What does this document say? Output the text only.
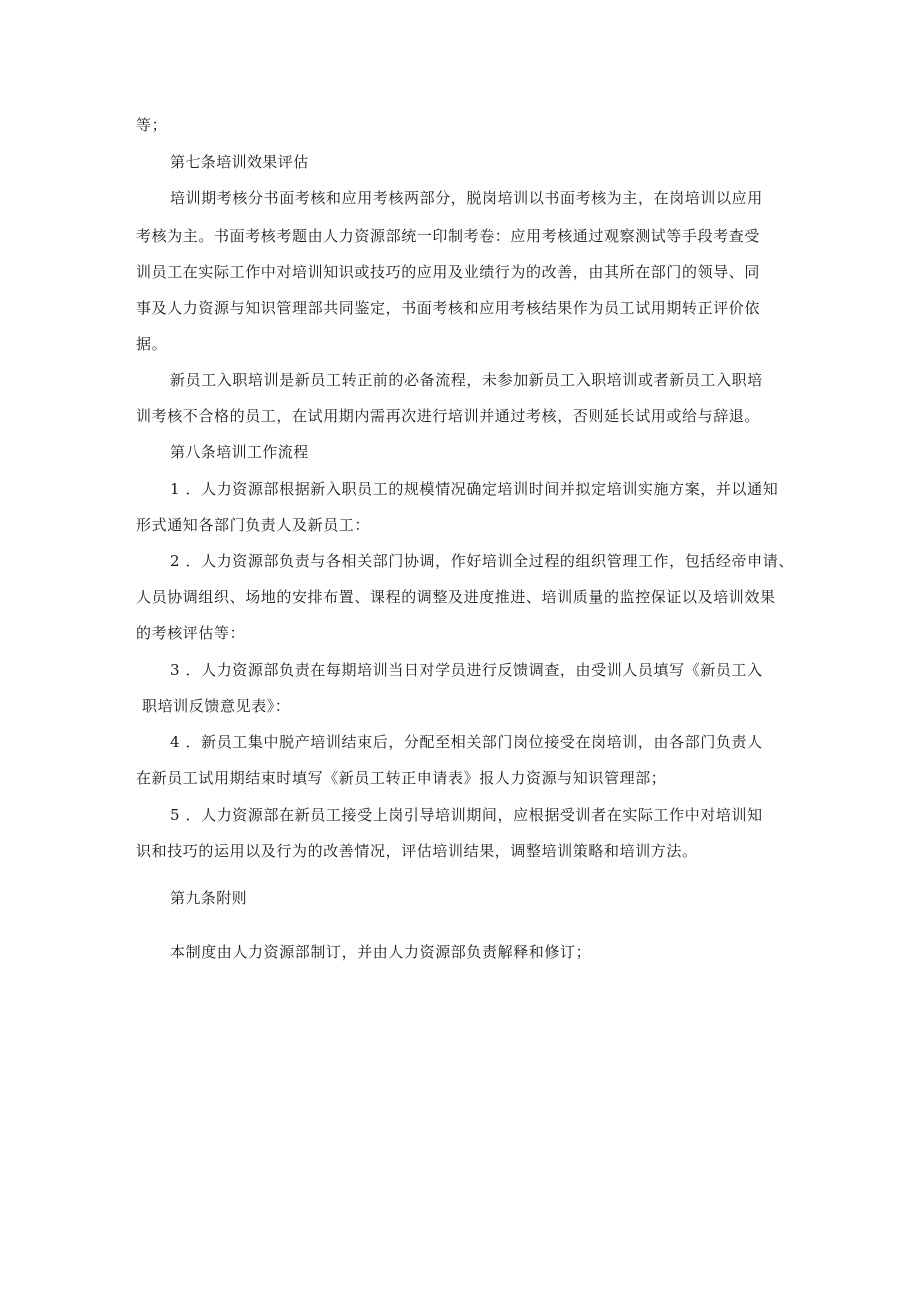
等；
第七条培训效果评估
培训期考核分书面考核和应用考核两部分，脱岗培训以书面考核为主，在岗培训以应用
考核为主。书面考核考题由人力资源部统一印制考卷：应用考核通过观察测试等手段考查受
训员工在实际工作中对培训知识或技巧的应用及业绩行为的改善，由其所在部门的领导、同
事及人力资源与知识管理部共同鉴定，书面考核和应用考核结果作为员工试用期转正评价依
据。
新员工入职培训是新员工转正前的必备流程，未参加新员工入职培训或者新员工入职培
训考核不合格的员工，在试用期内需再次进行培训并通过考核，否则延长试用或给与辞退。
第八条培训工作流程
1 ．人力资源部根据新入职员工的规模情况确定培训时间并拟定培训实施方案，并以通知
形式通知各部门负责人及新员工：
2 ．人力资源部负责与各相关部门协调，作好培训全过程的组织管理工作，包括经帝申请、
人员协调组织、场地的安排布置、课程的调整及进度推进、培训质量的监控保证以及培训效果
的考核评估等：
3 ．人力资源部负责在每期培训当日对学员进行反馈调查，由受训人员填写《新员工入
职培训反馈意见表》：
4 ．新员工集中脱产培训结束后，分配至相关部门岗位接受在岗培训，由各部门负责人
在新员工试用期结束时填写《新员工转正申请表》报人力资源与知识管理部；
5 ．人力资源部在新员工接受上岗引导培训期间，应根据受训者在实际工作中对培训知
识和技巧的运用以及行为的改善情况，评估培训结果，调整培训策略和培训方法。
第九条附则
本制度由人力资源部制订，并由人力资源部负责解释和修订；
